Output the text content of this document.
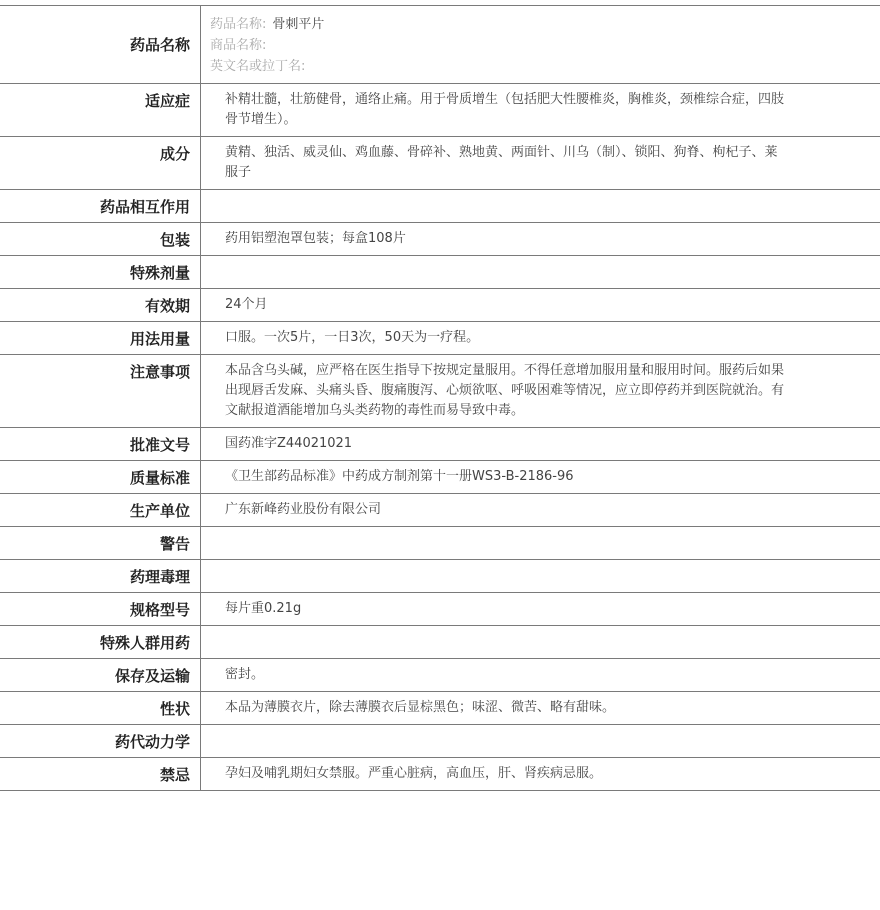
药品名称
药品名称: 骨刺平片
商品名称:
英文名或拉丁名:
适应症	补精壮髓，壮筋健骨，通络止痛。用于骨质增生（包括肥大性腰椎炎，胸椎炎，颈椎综合症，四肢骨节增生）。
成分	黄精、独活、威灵仙、鸡血藤、骨碎补、熟地黄、两面针、川乌（制）、锁阳、狗脊、枸杞子、莱服子
药品相互作用
包装	药用铝塑泡罩包装；每盒108片
特殊剂量
有效期	24个月
用法用量	口服。一次5片，一日3次，50天为一疗程。
注意事项	本品含乌头碱，应严格在医生指导下按规定量服用。不得任意增加服用量和服用时间。服药后如果出现唇舌发麻、头痛头昏、腹痛腹泻、心烦欲呕、呼吸困难等情况，应立即停药并到医院就治。有文献报道酒能增加乌头类药物的毒性而易导致中毒。
批准文号	国药准字Z44021021
质量标准	《卫生部药品标准》中药成方制剂第十一册WS3-B-2186-96
生产单位	广东新峰药业股份有限公司
警告
药理毒理
规格型号	每片重0.21g
特殊人群用药
保存及运输	密封。
性状	本品为薄膜衣片，除去薄膜衣后显棕黑色；味涩、微苦、略有甜味。
药代动力学
禁忌	孕妇及哺乳期妇女禁服。严重心脏病，高血压，肝、肾疾病忌服。
